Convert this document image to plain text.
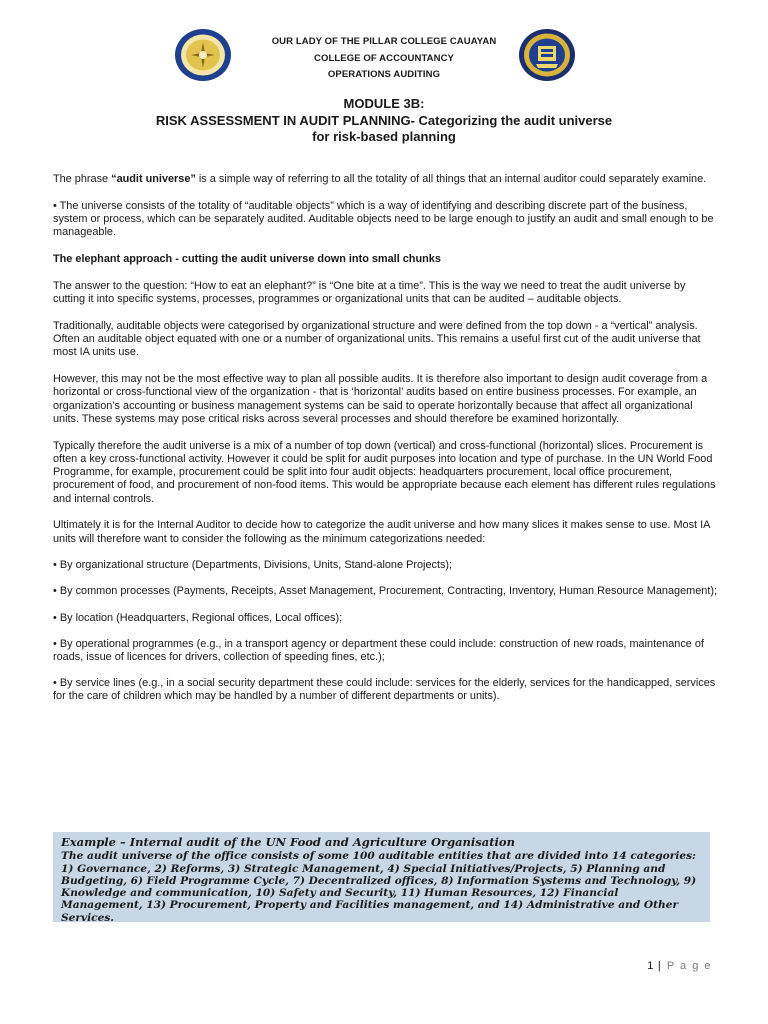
OUR LADY OF THE PILLAR COLLEGE CAUAYAN
COLLEGE OF ACCOUNTANCY
OPERATIONS AUDITING
MODULE 3B:
RISK ASSESSMENT IN AUDIT PLANNING- Categorizing the audit universe
for risk-based planning

The phrase “audit universe” is a simple way of referring to all the totality of all things that an internal auditor could separately examine.

• The universe consists of the totality of “auditable objects” which is a way of identifying and describing discrete part of the business, system or process, which can be separately audited. Auditable objects need to be large enough to justify an audit and small enough to be manageable.

The elephant approach - cutting the audit universe down into small chunks

The answer to the question: “How to eat an elephant?” is “One bite at a time”. This is the way we need to treat the audit universe by cutting it into specific systems, processes, programmes or organizational units that can be audited – auditable objects.

Traditionally, auditable objects were categorised by organizational structure and were defined from the top down - a “vertical” analysis. Often an auditable object equated with one or a number of organizational units. This remains a useful first cut of the audit universe that most IA units use.

However, this may not be the most effective way to plan all possible audits. It is therefore also important to design audit coverage from a horizontal or cross-functional view of the organization - that is ‘horizontal’ audits based on entire business processes. For example, an organization’s accounting or business management systems can be said to operate horizontally because that affect all organizational units. These systems may pose critical risks across several processes and should therefore be examined horizontally.

Typically therefore the audit universe is a mix of a number of top down (vertical) and cross-functional (horizontal) slices. Procurement is often a key cross-functional activity. However it could be split for audit purposes into location and type of purchase. In the UN World Food Programme, for example, procurement could be split into four audit objects: headquarters procurement, local office procurement, procurement of food, and procurement of non-food items. This would be appropriate because each element has different rules regulations and internal controls.

Ultimately it is for the Internal Auditor to decide how to categorize the audit universe and how many slices it makes sense to use. Most IA units will therefore want to consider the following as the minimum categorizations needed:

• By organizational structure (Departments, Divisions, Units, Stand-alone Projects);

• By common processes (Payments, Receipts, Asset Management, Procurement, Contracting, Inventory, Human Resource Management);

• By location (Headquarters, Regional offices, Local offices);

• By operational programmes (e.g., in a transport agency or department these could include: construction of new roads, maintenance of roads, issue of licences for drivers, collection of speeding fines, etc.);

• By service lines (e.g., in a social security department these could include: services for the elderly, services for the handicapped, services for the care of children which may be handled by a number of different departments or units).

Example – Internal audit of the UN Food and Agriculture Organisation
The audit universe of the office consists of some 100 auditable entities that are divided into 14 categories: 1) Governance, 2) Reforms, 3) Strategic Management, 4) Special Initiatives/Projects, 5) Planning and Budgeting, 6) Field Programme Cycle, 7) Decentralized offices, 8) Information Systems and Technology, 9) Knowledge and communication, 10) Safety and Security, 11) Human Resources, 12) Financial Management, 13) Procurement, Property and Facilities management, and 14) Administrative and Other Services.
1 | P a g e
